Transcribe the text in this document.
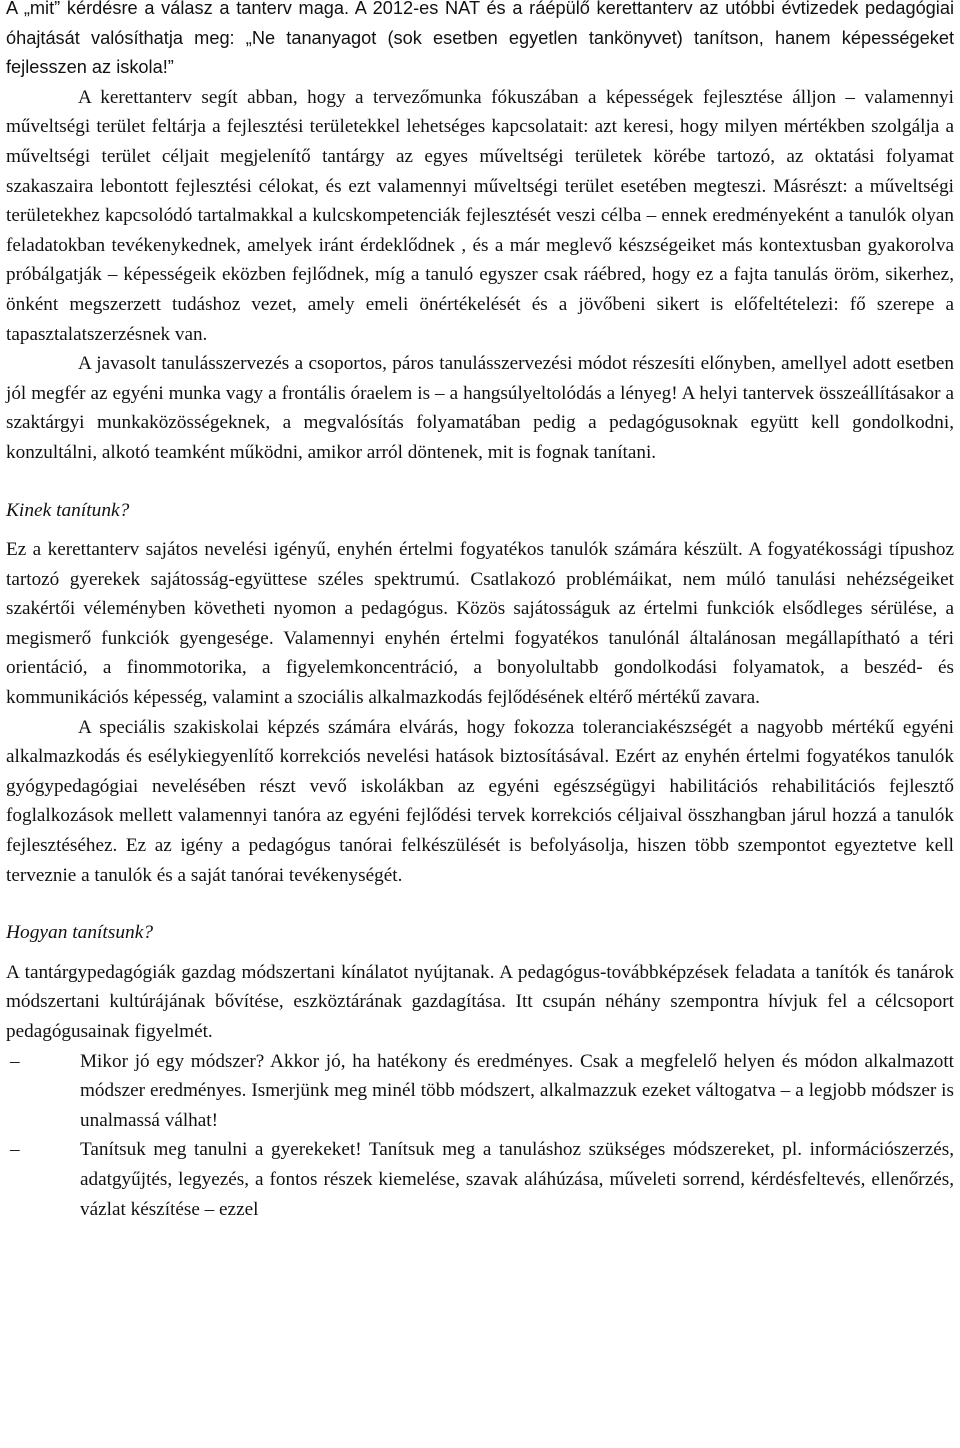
A „mit” kérdésre a válasz a tanterv maga. A 2012-es NAT és a ráépülő kerettanterv az utóbbi évtizedek pedagógiai óhajtását valósíthatja meg: „Ne tananyagot (sok esetben egyetlen tankönyvet) tanítson, hanem képességeket fejlesszen az iskola!”

A kerettanterv segít abban, hogy a tervezőmunka fókuszában a képességek fejlesztése álljon – valamennyi műveltségi terület feltárja a fejlesztési területekkel lehetséges kapcsolatait: azt keresi, hogy milyen mértékben szolgálja a műveltségi terület céljait megjelenítő tantárgy az egyes műveltségi területek körébe tartozó, az oktatási folyamat szakaszaira lebontott fejlesztési célokat, és ezt valamennyi műveltségi terület esetében megteszi. Másrészt: a műveltségi területekhez kapcsolódó tartalmakkal a kulcskompetenciák fejlesztését veszi célba – ennek eredményeként a tanulók olyan feladatokban tevékenykednek, amelyek iránt érdeklődnek , és a már meglevő készségeiket más kontextusban gyakorolva próbálgatják – képességeik eközben fejlődnek, míg a tanuló egyszer csak ráébred, hogy ez a fajta tanulás öröm, sikerhez, önként megszerzett tudáshoz vezet, amely emeli önértékelését és a jövőbeni sikert is előfeltételezi: fő szerepe a tapasztalatszerzésnek van.

A javasolt tanulásszervezés a csoportos, páros tanulásszervezési módot részesíti előnyben, amellyel adott esetben jól megfér az egyéni munka vagy a frontális óraelem is – a hangsúlyeltolódás a lényeg! A helyi tantervek összeállításakor a szaktárgyi munkaközösségeknek, a megvalósítás folyamatában pedig a pedagógusoknak együtt kell gondolkodni, konzultálni, alkotó teamként működni, amikor arról döntenek, mit is fognak tanítani.

Kinek tanítunk?

Ez a kerettanterv sajátos nevelési igényű, enyhén értelmi fogyatékos tanulók számára készült. A fogyatékossági típushoz tartozó gyerekek sajátosság-együttese széles spektrumú. Csatlakozó problémáikat, nem múló tanulási nehézségeiket szakértői véleményben követheti nyomon a pedagógus. Közös sajátosságuk az értelmi funkciók elsődleges sérülése, a megismerő funkciók gyengesége. Valamennyi enyhén értelmi fogyatékos tanulónál általánosan megállapítható a téri orientáció, a finommotorika, a figyelemkoncentráció, a bonyolultabb gondolkodási folyamatok, a beszéd- és kommunikációs képesség, valamint a szociális alkalmazkodás fejlődésének eltérő mértékű zavara.

A speciális szakiskolai képzés számára elvárás, hogy fokozza toleranciakészségét a nagyobb mértékű egyéni alkalmazkodás és esélykiegyenlítő korrekciós nevelési hatások biztosításával. Ezért az enyhén értelmi fogyatékos tanulók gyógypedagógiai nevelésében részt vevő iskolákban az egyéni egészségügyi habilitációs rehabilitációs fejlesztő foglalkozások mellett valamennyi tanóra az egyéni fejlődési tervek korrekciós céljaival összhangban járul hozzá a tanulók fejlesztéséhez. Ez az igény a pedagógus tanórai felkészülését is befolyásolja, hiszen több szempontot egyeztetve kell terveznie a tanulók és a saját tanórai tevékenységét.

Hogyan tanítsunk?

A tantárgypedagógiák gazdag módszertani kínálatot nyújtanak. A pedagógus-továbbképzések feladata a tanítók és tanárok módszertani kultúrájának bővítése, eszköztárának gazdagítása. Itt csupán néhány szempontra hívjuk fel a célcsoport pedagógusainak figyelmét.

–	Mikor jó egy módszer? Akkor jó, ha hatékony és eredményes. Csak a megfelelő helyen és módon alkalmazott módszer eredményes. Ismerjünk meg minél több módszert, alkalmazzuk ezeket váltogatva – a legjobb módszer is unalmassá válhat!
–	Tanítsuk meg tanulni a gyerekeket! Tanítsuk meg a tanuláshoz szükséges módszereket, pl. információszerzés, adatgyűjtés, legyezés, a fontos részek kiemelése, szavak aláhúzása, műveleti sorrend, kérdésfeltevés, ellenőrzés, vázlat készítése – ezzel
